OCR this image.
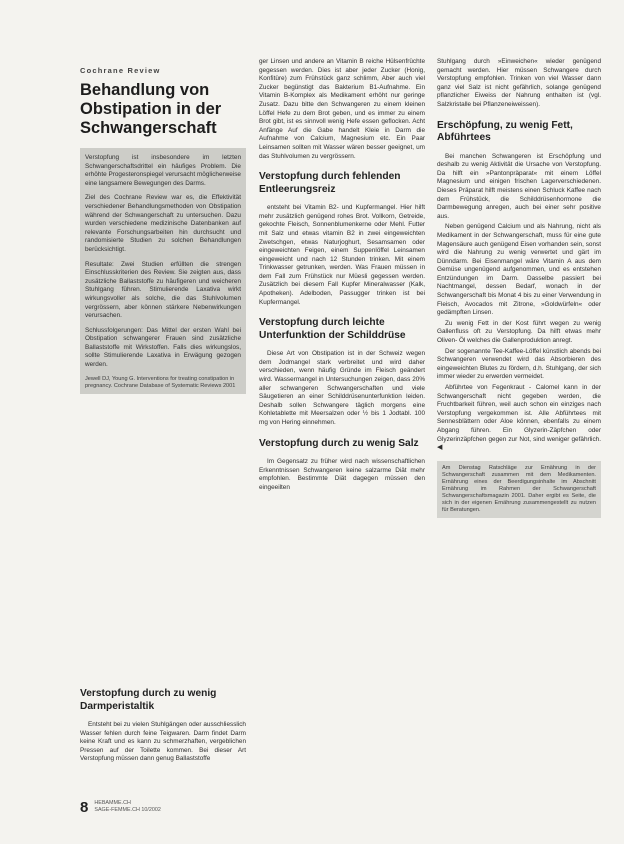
Cochrane Review

Behandlung von Obstipation in der Schwangerschaft

Verstopfung ist insbesondere im letzten Schwangerschaftsdrittel ein häufiges Problem. Die erhöhte Progesteronspiegel verursacht möglicherweise eine langsamere Bewegungen des Darms.

Ziel des Cochrane Review war es, die Effektivität verschiedener Behandlungsmethoden von Obstipation während der Schwangerschaft zu untersuchen. Dazu wurden verschiedene medizinische Datenbanken auf relevante Forschungsarbeiten hin durchsucht und randomisierte Studien zu solchen Behandlungen berücksichtigt.

Resultate: Zwei Studien erfüllten die strengen Einschlusskriterien des Review. Sie zeigten aus, dass zusätzliche Ballaststoffe zu häufigeren und weicheren Stuhlgang führen. Stimulierende Laxativa wirkt wirkungsvoller als solche, die das Stuhlvolumen vergrössern, aber können stärkere Nebenwirkungen verursachen.

Schlussfolgerungen: Das Mittel der ersten Wahl bei Obstipation schwangerer Frauen sind zusätzliche Ballaststoffe mit Wirkstoffen. Falls dies wirkungslos, sollte Stimulierende Laxativa in Erwägung gezogen werden.

Jewell DJ, Young G. Interventions for treating constipation in pregnancy. Cochrane Database of Systematic Reviews 2001

Verstopfung durch zu wenig Darmperistaltik

Entsteht bei zu vielen Stuhlgängen oder ausschliesslich Wasser fehlen durch feine Teigwaren. Darm findet Darm keine Kraft und es kann zu schmerzhaften, vergeblichen Pressen auf der Toilette kommen. Bei dieser Art Verstopfung müssen dann genug Ballaststoffe

ger Linsen und andere an Vitamin B reiche Hülsenfrüchte gegessen werden. Dies ist aber jeder Zucker (Honig, Konfitüre) zum Frühstück ganz schlimm, Aber auch viel Zucker begünstigt das Bakterium B1-Aufnahme. Ein Vitamin B-Komplex als Medikament erhöht nur geringe Zusatz. Dazu bitte den Schwangeren zu einem kleinen Löffel Hefe zu dem Brot geben, und es immer zu einem Brot gibt, ist es sinnvoll wenig Hefe essen geflocken. Acht Anfänge Auf die Gabe handelt Kleie in Darm die Aufnahme von Calcium, Magnesium etc. Ein Paar Leinsamen sollten mit Wasser wären besser geeignet, um das Stuhlvolumen zu vergrössern.

Verstopfung durch fehlenden Entleerungsreiz

entsteht bei Vitamin B2- und Kupfermangel. Hier hilft mehr zusätzlich genügend rohes Brot. Vollkorn, Getreide, gekochte Fleisch, Sonnenblumenkerne oder Mehl. Futter mit Salz und etwas vitamin B2 in zwei eingeweichten Zwetschgen, etwas Naturjoghurt, Sesamsamen oder eingeweichten Feigen, einem Suppenlöffel Leinsamen eingeweicht und nach 12 Stunden trinken. Mit einem Trinkwasser getrunken, werden. Was Frauen müssen in dem Fall zum Frühstück nur Müesli gegessen werden. Zusätzlich bei diesem Fall Kupfer Mineralwasser (Kalk, Apotheken). Adelboden, Passugger trinken ist bei Kupfermangel.

Verstopfung durch leichte Unterfunktion der Schilddrüse

Diese Art von Obstipation ist in der Schweiz wegen dem Jodmangel stark verbreitet und wird daher verschieden, wenn häufig Gründe im Fleisch geändert wird. Wassermangel in Untersuchungen zeigen, dass 20% aller schwangeren Schwangerschaften und viele Säugetieren an einer Schilddrüsenunterfunktion leiden. Deshalb sollen Schwangere täglich morgens eine Kohletablette mit Meersalzen oder ½ bis 1 Jodtabl. 100 mg von Hering einnehmen.

Verstopfung durch zu wenig Salz

Im Gegensatz zu früher wird nach wissenschaftlichen Erkenntnissen Schwangeren keine salzarme Diät mehr empfohlen. Bestimmte Diät dagegen müssen den eingeeilten

Stuhlgang durch »Einweichen« wieder genügend gemacht werden. Hier müssen Schwangere durch Verstopfung empfohlen. Trinken von viel Wasser dann ganz viel Salz ist nicht gefährlich, solange genügend pflanzlicher Eiweiss der Nahrung enthalten ist (vgl. Salzkristalle bei Pflanzeneiweissen).

Erschöpfung, zu wenig Fett, Abführtees

Bei manchen Schwangeren ist Erschöpfung und deshalb zu wenig Aktivität die Ursache von Verstopfung. Da hilft ein »Pantonpräparat« mit einem Löffel Magnesium und einigen frischen Lagerverschiedenen. Dieses Präparat hilft meistens einen Schluck Kaffee nach dem Frühstück, die Schilddrüsenhormone die Darmbewegung anregen, auch bei einer sehr positive aus.

Neben genügend Calcium und als Nahrung, nicht als Medikament in der Schwangerschaft, muss für eine gute Magensäure auch genügend Eisen vorhanden sein, sonst wird die Nahrung zu wenig verwertet und gärt im Dünndarm. Bei Eisenmangel wäre Vitamin A aus dem Gemüse ungenügend aufgenommen, und es entstehen Entzündungen im Darm. Dasselbe passiert bei Nachtmangel, dessen Bedarf, wonach in der Schwangerschaft bis Monat 4 bis zu einer Verwendung in Fleisch, Avocados mit Zitrone, »Goldwürfeln« oder gedämpften Linsen.

Zu wenig Fett in der Kost führt wegen zu wenig Gallenfluss oft zu Verstopfung. Da hilft etwas mehr Oliven- Öl welches die Gallenproduktion anregt.

Der sogenannte Tee-Kaffee-Löffel künstlich abends bei Schwangeren verwendet wird das Absorbieren des eingeweichten Blutes zu fördern, d.h. Stuhlgang, der sich immer wieder zu erwerden vermeidet.

Abführtee von Fegenkraut - Calomel kann in der Schwangerschaft nicht gegeben werden, die Fruchtbarkeit führen, weil auch schon ein einziges nach Verstopfung vergekommen ist. Alle Abführtees mit Sennesblättern oder Aloe können, ebenfalls zu einem Abgang führen. Ein Glyzerin-Zäpfchen oder Glyzerinzäpfchen gegen zur Not, sind weniger gefährlich. ◀

Am Dienstag Ratschläge zur Ernährung in der Schwangerschaft zusammen mit dem Medikamenten. Ernährung eines der Beerdigungsinhalte im Abschnitt Ernährung im Rahmen der Schwangerschaft Schwangerschaftsmagazin 2001. Daher ergibt es Seite, die sich in der eigenen Ernährung zusammengestellt zu nutzen für Beratungen.

8 HEBAMME.CH
SAGE-FEMME.CH 10/2002
